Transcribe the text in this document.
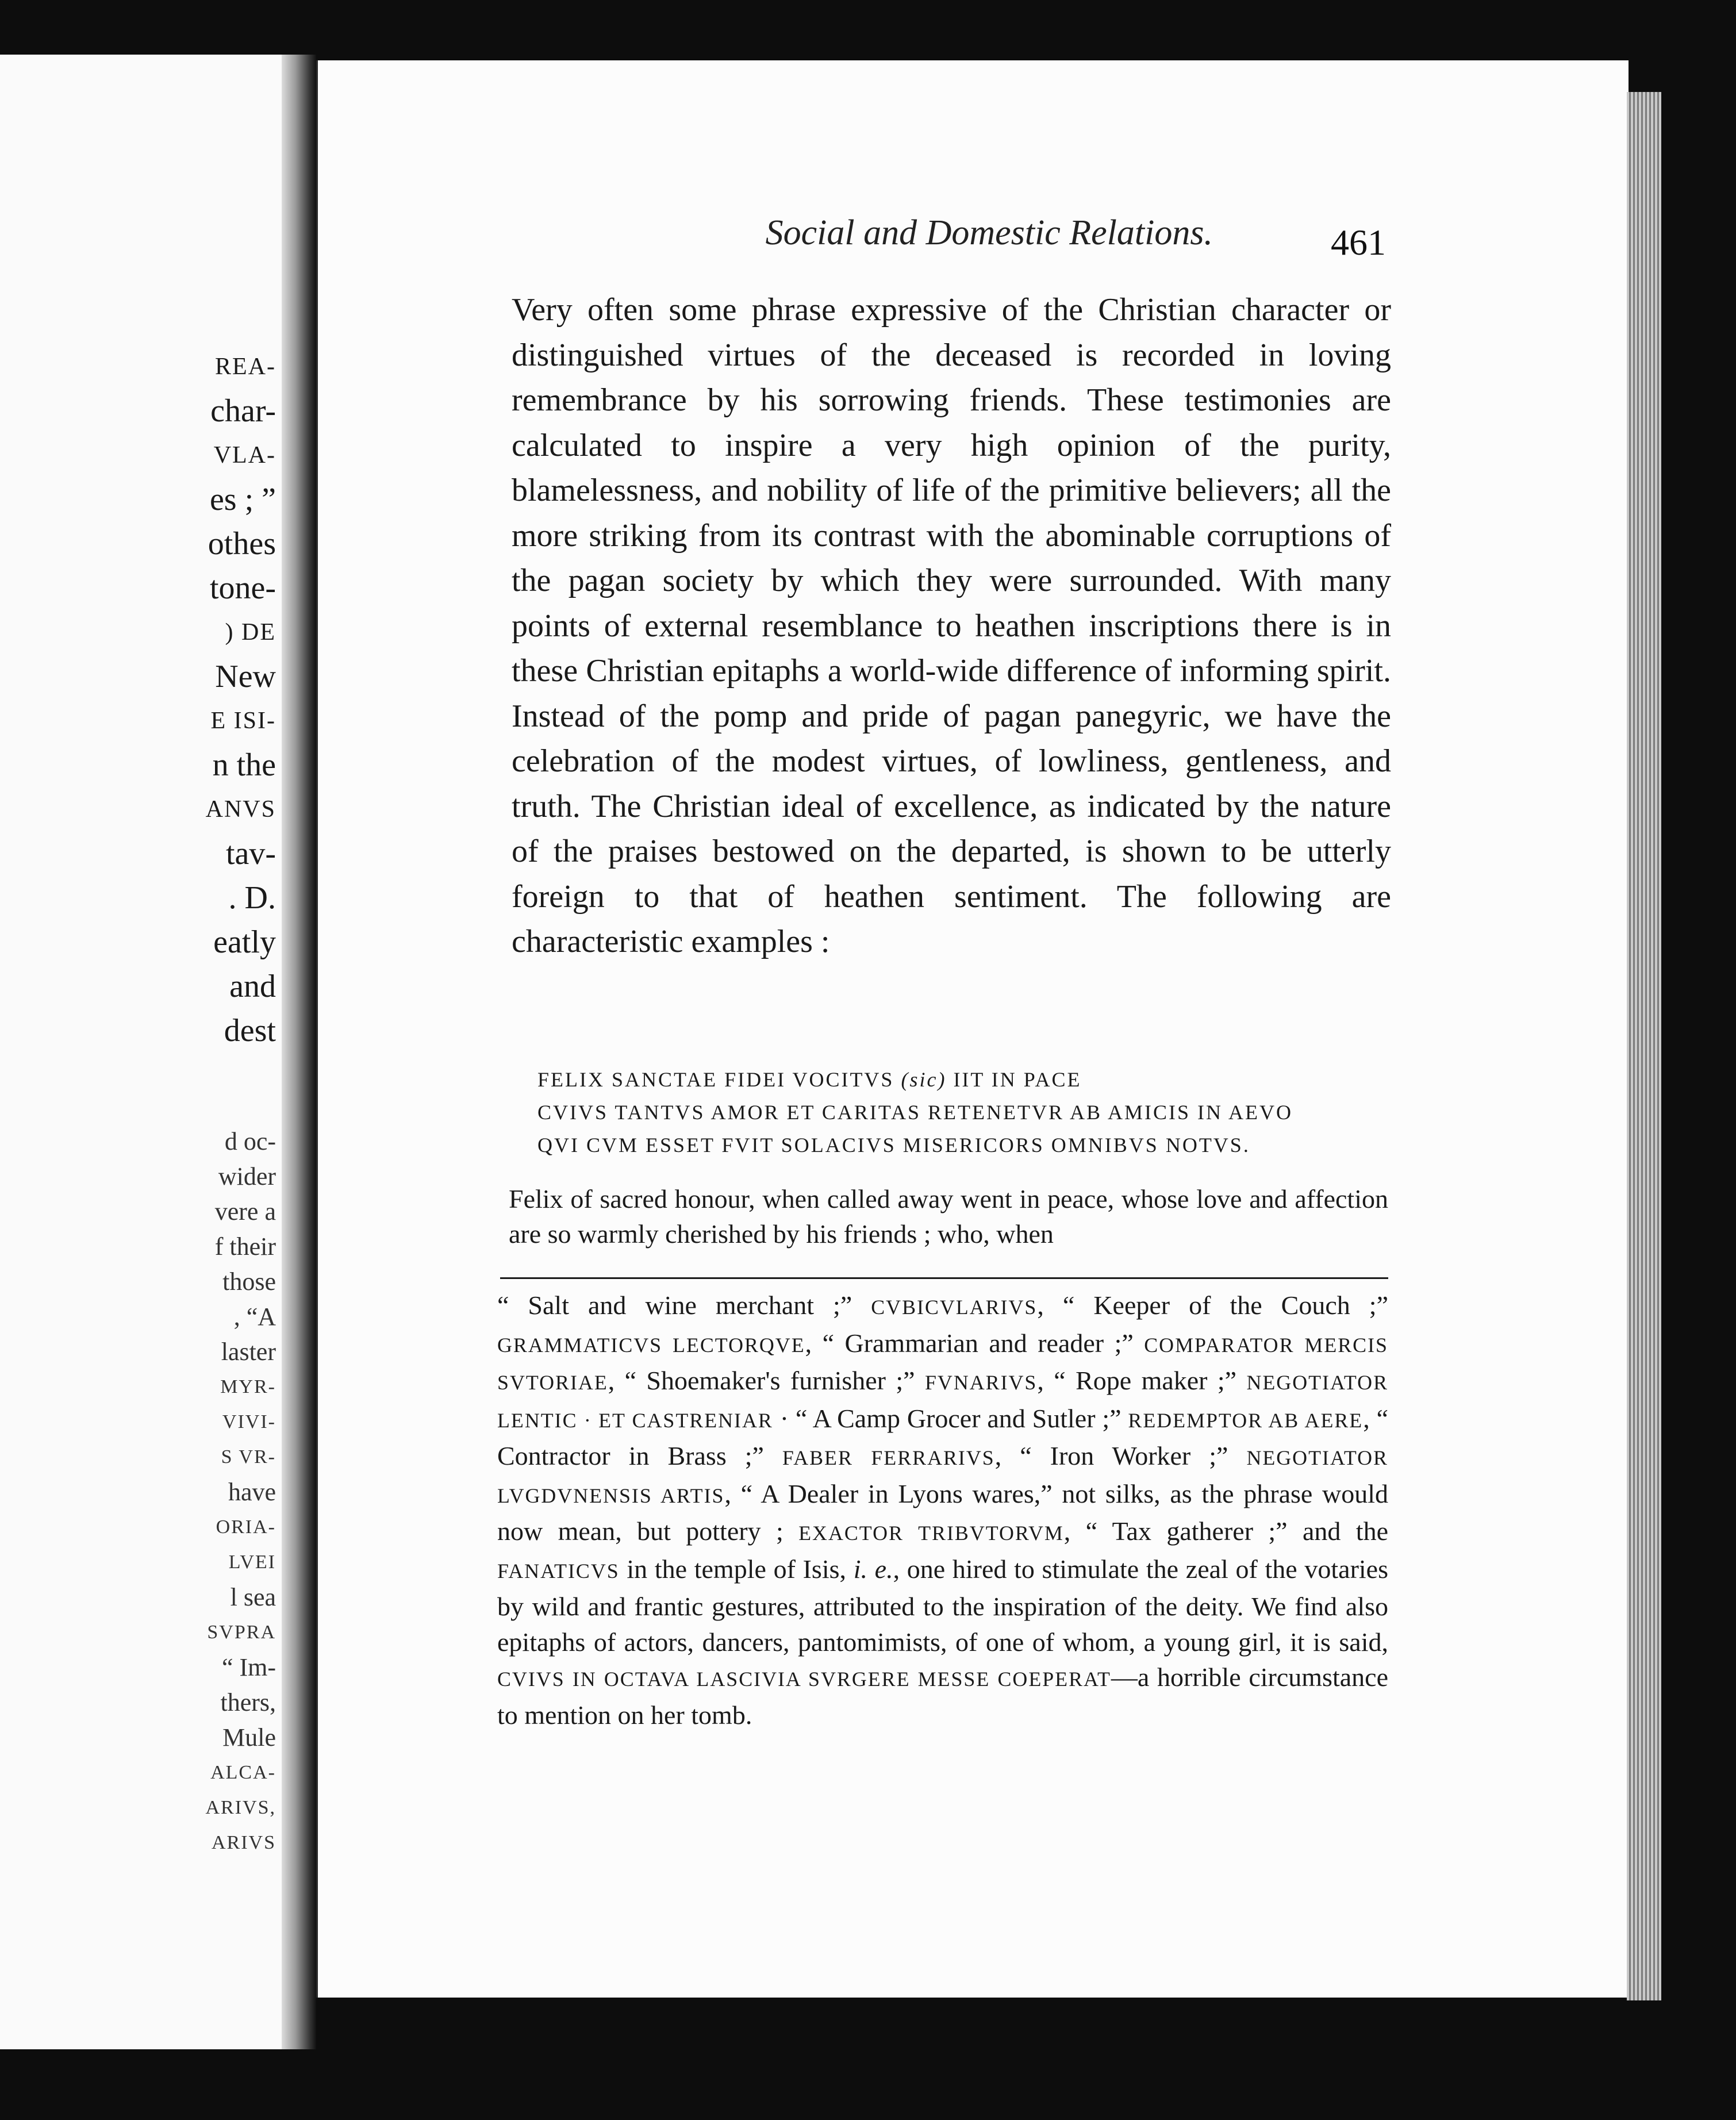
REA-
char-
VLA-
es ; ”
othes
tone-
) DE
New
E ISI-
n the
ANVS
tav-
. D.
eatly
and
dest
d oc-
wider
vere a
f their
those
, “A
laster
MYR-
VIVI-
S VR-
have
ORIA-
LVEI
l sea
SVPRA
“ Im-
thers,
Mule
ALCA-
ARIVS,
ARIVS
Social and Domestic Relations.	461

Very often some phrase expressive of the Christian character or distinguished virtues of the deceased is recorded in loving remembrance by his sorrowing friends. These testimonies are calculated to inspire a very high opinion of the purity, blamelessness, and nobility of life of the primitive believers; all the more striking from its contrast with the abominable corruptions of the pagan society by which they were surrounded. With many points of external resemblance to heathen inscriptions there is in these Christian epitaphs a world-wide difference of informing spirit. Instead of the pomp and pride of pagan panegyric, we have the celebration of the modest virtues, of lowliness, gentleness, and truth. The Christian ideal of excellence, as indicated by the nature of the praises bestowed on the departed, is shown to be utterly foreign to that of heathen sentiment. The following are characteristic examples :

FELIX SANCTAE FIDEI VOCITVS (sic) IIT IN PACE
CVIVS TANTVS AMOR ET CARITAS RETENETVR AB AMICIS IN AEVO
QVI CVM ESSET FVIT SOLACIVS MISERICORS OMNIBVS NOTVS.

Felix of sacred honour, when called away went in peace, whose love and affection are so warmly cherished by his friends ; who, when

“ Salt and wine merchant ;” CVBICVLARIVS, “ Keeper of the Couch ;” GRAMMATICVS LECTORQVE, “ Grammarian and reader ;” COMPARATOR MERCIS SVTORIAE, “ Shoemaker's furnisher ;” FVNARIVS, “ Rope maker ;” NEGOTIATOR LENTIC · ET CASTRENIAR · “ A Camp Grocer and Sutler ;” REDEMPTOR AB AERE, “ Contractor in Brass ;” FABER FERRARIVS, “ Iron Worker ;” NEGOTIATOR LVGDVNENSIS ARTIS, “ A Dealer in Lyons wares,” not silks, as the phrase would now mean, but pottery ; EXACTOR TRIBVTORVM, “ Tax gatherer ;” and the FANATICVS in the temple of Isis, i. e., one hired to stimulate the zeal of the votaries by wild and frantic gestures, attributed to the inspiration of the deity. We find also epitaphs of actors, dancers, pantomimists, of one of whom, a young girl, it is said, CVIVS IN OCTAVA LASCIVIA SVRGERE MESSE COEPERAT—a horrible circumstance to mention on her tomb.
